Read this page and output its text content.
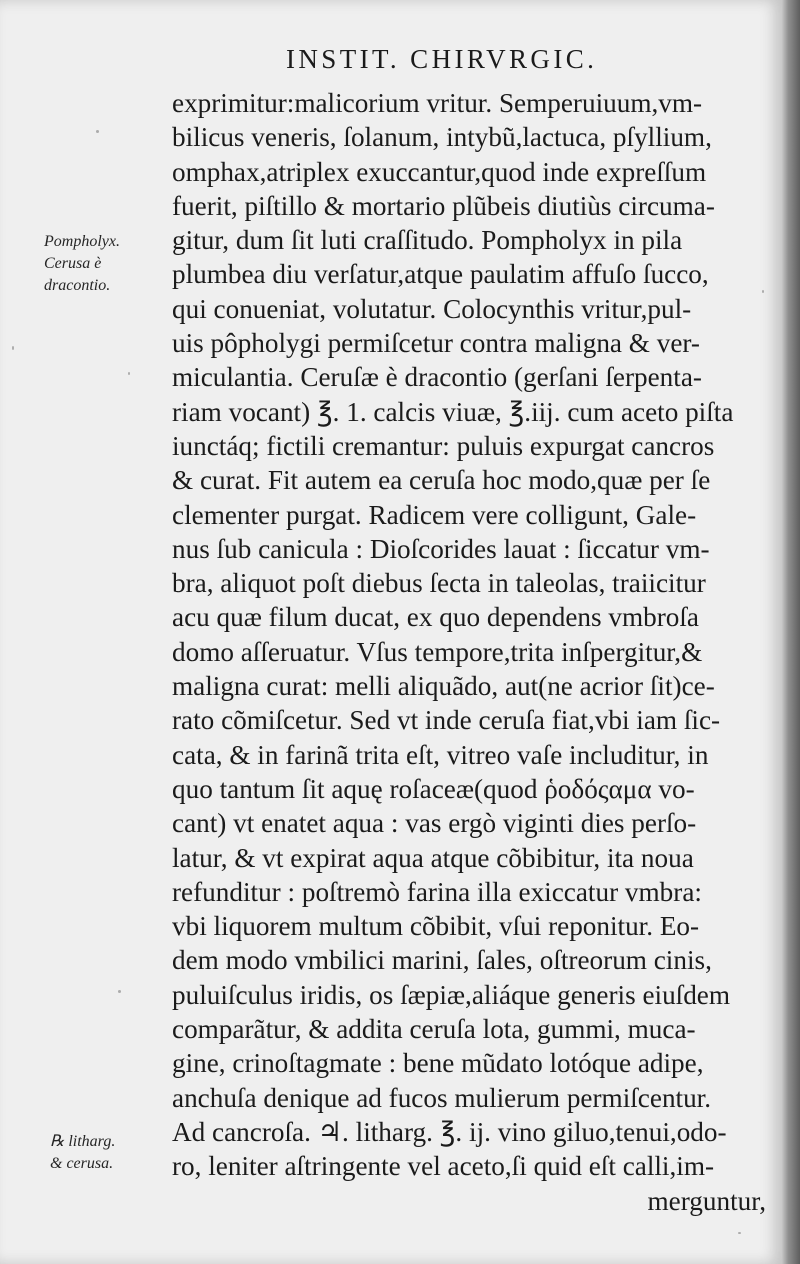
INSTIT. CHIRVRGIC.
Pompholyx.
Cerusa è
dracontio.
℞ litharg.
& cerusa.
exprimitur:malicorium vritur. Semperuiuum,vm-
bilicus veneris, ſolanum, intybũ,lactuca, pſyllium,
omphax,atriplex exuccantur,quod inde expreſſum
fuerit, piſtillo & mortario plũbeis diutiùs circuma-
gitur, dum ſit luti craſſitudo. Pompholyx in pila
plumbea diu verſatur,atque paulatim affuſo ſucco,
qui conueniat, volutatur. Colocynthis vritur,pul-
uis pôpholygi permiſcetur contra maligna & ver-
miculantia. Ceruſæ è dracontio (gerſani ſerpenta-
riam vocant) ℥. 1. calcis viuæ, ℥.iij. cum aceto piſta
iunctáq; fictili cremantur: puluis expurgat cancros
& curat. Fit autem ea ceruſa hoc modo,quæ per ſe
clementer purgat. Radicem vere colligunt, Gale-
nus ſub canicula : Dioſcorides lauat : ſiccatur vm-
bra, aliquot poſt diebus ſecta in taleolas, traiicitur
acu quæ filum ducat, ex quo dependens vmbroſa
domo aſſeruatur. Vſus tempore,trita inſpergitur,&
maligna curat: melli aliquãdo, aut(ne acrior ſit)ce-
rato cõmiſcetur. Sed vt inde ceruſa fiat,vbi iam ſic-
cata, & in farinã trita eſt, vitreo vaſe includitur, in
quo tantum ſit aquę roſaceæ(quod ῥοδόςαμα vo-
cant) vt enatet aqua : vas ergò viginti dies perſo-
latur, & vt expirat aqua atque cõbibitur, ita noua
refunditur : poſtremò farina illa exiccatur vmbra:
vbi liquorem multum cõbibit, vſui reponitur. Eo-
dem modo vmbilici marini, ſales, oſtreorum cinis,
puluiſculus iridis, os ſæpiæ,aliáque generis eiuſdem
comparãtur, & addita ceruſa lota, gummi, muca-
gine, crinoſtagmate : bene mũdato lotóque adipe,
anchuſa denique ad fucos mulierum permiſcentur.
Ad cancroſa. ♃. litharg. ℥. ij. vino giluo,tenui,odo-
ro, leniter aſtringente vel aceto,ſi quid eſt calli,im-
merguntur,
